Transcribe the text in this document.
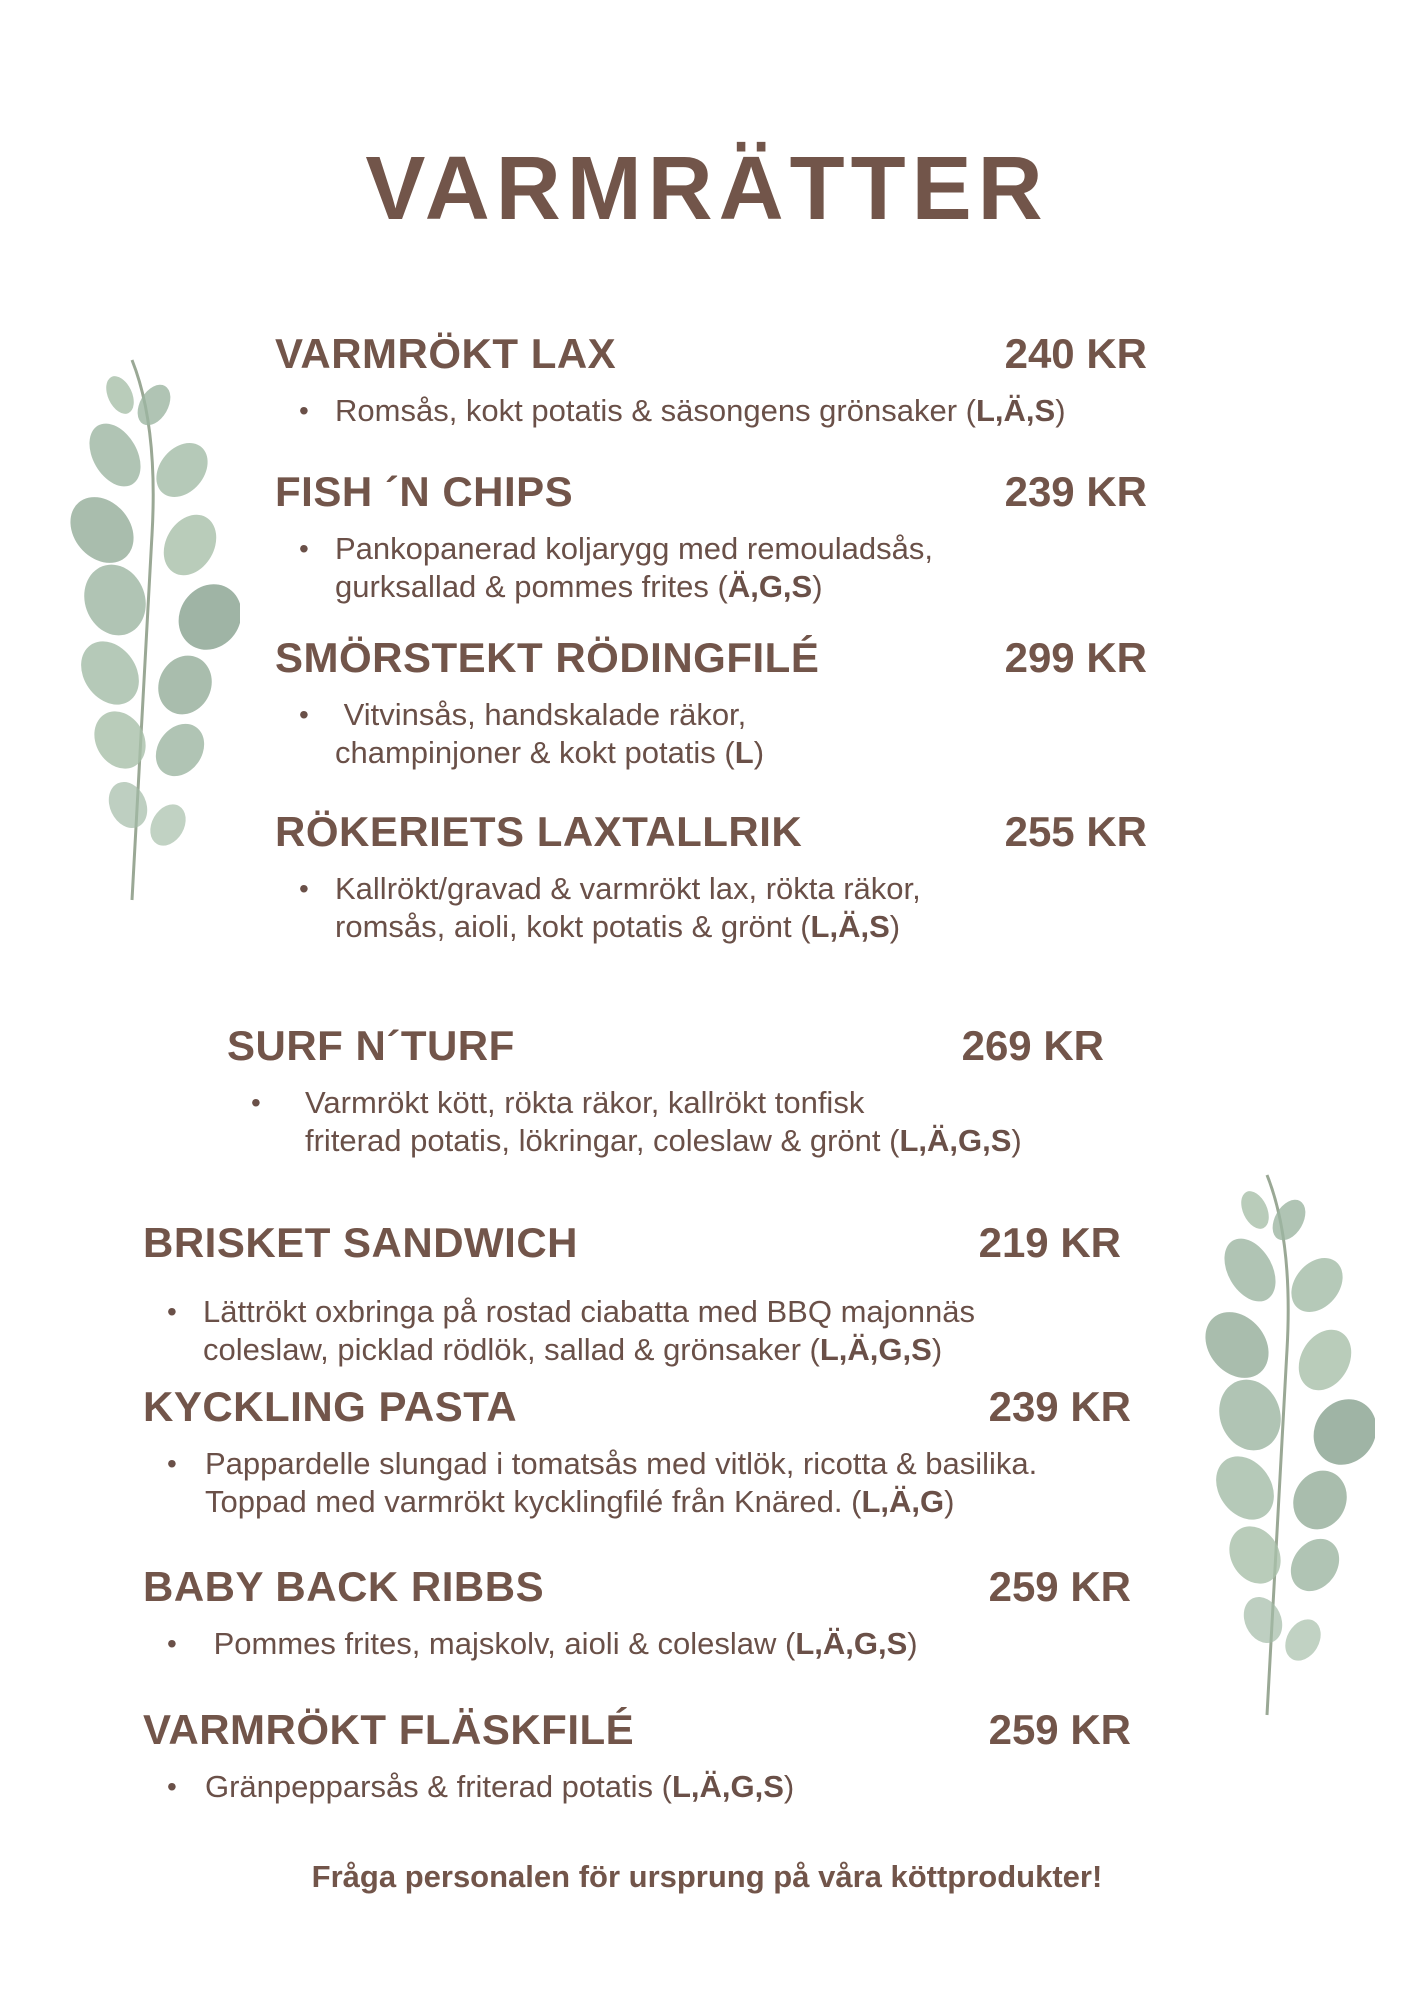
VARMRÄTTER
VARMRÖKT LAX	240 KR
• Romsås, kokt potatis & säsongens grönsaker (L,Ä,S)
FISH ´N CHIPS	239 KR
• Pankopanerad koljarygg med remouladsås,
gurksallad & pommes frites (Ä,G,S)
SMÖRSTEKT RÖDINGFILÉ	299 KR
• Vitvinsås, handskalade räkor,
champinjoner & kokt potatis (L)
RÖKERIETS LAXTALLRIK	255 KR
• Kallrökt/gravad & varmrökt lax, rökta räkor,
romsås, aioli, kokt potatis & grönt (L,Ä,S)
SURF N´TURF	269 KR
• Varmrökt kött, rökta räkor, kallrökt tonfisk
friterad potatis, lökringar, coleslaw & grönt (L,Ä,G,S)
BRISKET SANDWICH	219 KR
• Lättrökt oxbringa på rostad ciabatta med BBQ majonnäs
coleslaw, picklad rödlök, sallad & grönsaker (L,Ä,G,S)
KYCKLING PASTA	239 KR
• Pappardelle slungad i tomatsås med vitlök, ricotta & basilika.
Toppad med varmrökt kycklingfilé från Knäred. (L,Ä,G)
BABY BACK RIBBS	259 KR
• Pommes frites, majskolv, aioli & coleslaw (L,Ä,G,S)
VARMRÖKT FLÄSKFILÉ	259 KR
• Gränpepparsås & friterad potatis (L,Ä,G,S)
Fråga personalen för ursprung på våra köttprodukter!
